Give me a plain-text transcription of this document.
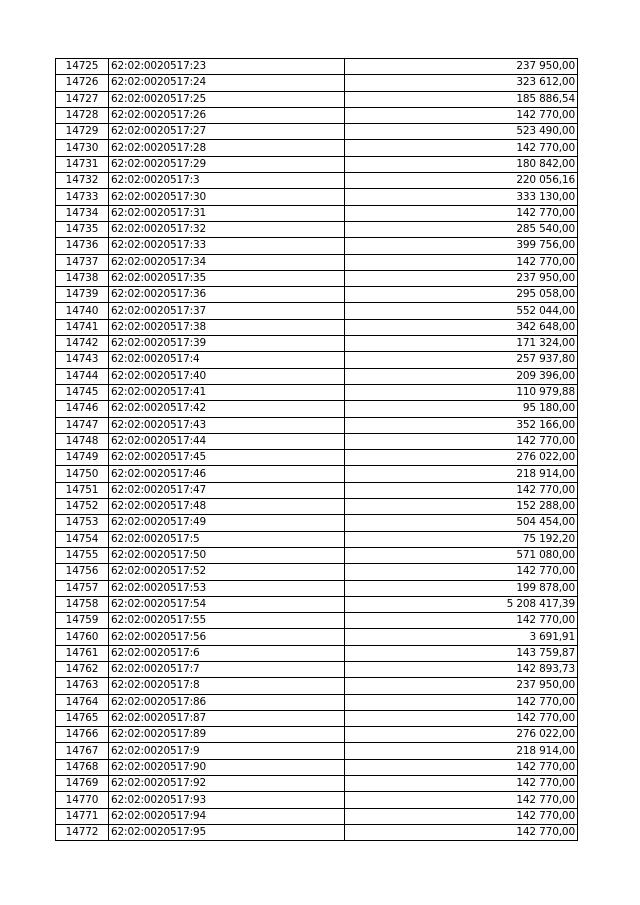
14725	62:02:0020517:23	237 950,00
14726	62:02:0020517:24	323 612,00
14727	62:02:0020517:25	185 886,54
14728	62:02:0020517:26	142 770,00
14729	62:02:0020517:27	523 490,00
14730	62:02:0020517:28	142 770,00
14731	62:02:0020517:29	180 842,00
14732	62:02:0020517:3	220 056,16
14733	62:02:0020517:30	333 130,00
14734	62:02:0020517:31	142 770,00
14735	62:02:0020517:32	285 540,00
14736	62:02:0020517:33	399 756,00
14737	62:02:0020517:34	142 770,00
14738	62:02:0020517:35	237 950,00
14739	62:02:0020517:36	295 058,00
14740	62:02:0020517:37	552 044,00
14741	62:02:0020517:38	342 648,00
14742	62:02:0020517:39	171 324,00
14743	62:02:0020517:4	257 937,80
14744	62:02:0020517:40	209 396,00
14745	62:02:0020517:41	110 979,88
14746	62:02:0020517:42	95 180,00
14747	62:02:0020517:43	352 166,00
14748	62:02:0020517:44	142 770,00
14749	62:02:0020517:45	276 022,00
14750	62:02:0020517:46	218 914,00
14751	62:02:0020517:47	142 770,00
14752	62:02:0020517:48	152 288,00
14753	62:02:0020517:49	504 454,00
14754	62:02:0020517:5	75 192,20
14755	62:02:0020517:50	571 080,00
14756	62:02:0020517:52	142 770,00
14757	62:02:0020517:53	199 878,00
14758	62:02:0020517:54	5 208 417,39
14759	62:02:0020517:55	142 770,00
14760	62:02:0020517:56	3 691,91
14761	62:02:0020517:6	143 759,87
14762	62:02:0020517:7	142 893,73
14763	62:02:0020517:8	237 950,00
14764	62:02:0020517:86	142 770,00
14765	62:02:0020517:87	142 770,00
14766	62:02:0020517:89	276 022,00
14767	62:02:0020517:9	218 914,00
14768	62:02:0020517:90	142 770,00
14769	62:02:0020517:92	142 770,00
14770	62:02:0020517:93	142 770,00
14771	62:02:0020517:94	142 770,00
14772	62:02:0020517:95	142 770,00
